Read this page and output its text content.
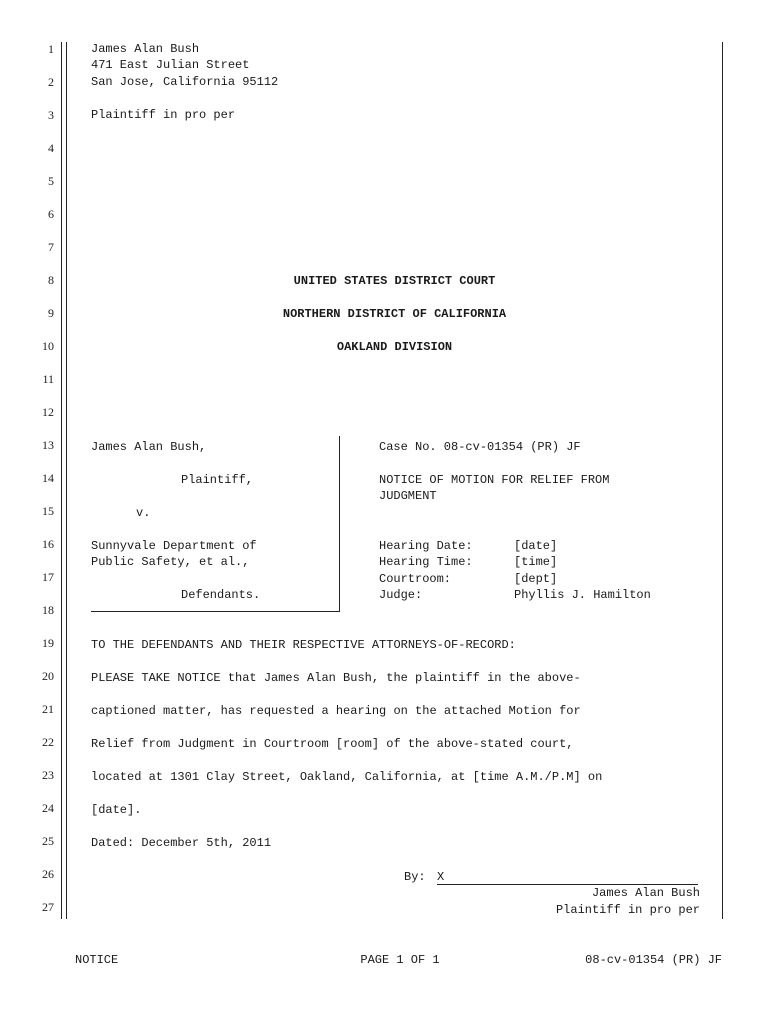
1
2
3
4
5
6
7
8
9
10
11
12
13
14
15
16
17
18
19
20
21
22
23
24
25
26
27
James Alan Bush
471 East Julian Street
San Jose, California 95112
Plaintiff in pro per
UNITED STATES DISTRICT COURT
NORTHERN DISTRICT OF CALIFORNIA
OAKLAND DIVISION
James Alan Bush,
Plaintiff,
v.
Sunnyvale Department of
Public Safety, et al.,
Defendants.
Case No. 08-cv-01354 (PR) JF
NOTICE OF MOTION FOR RELIEF FROM
JUDGMENT
Hearing Date:	[date]
Hearing Time:	[time]
Courtroom:	[dept]
Judge:	Phyllis J. Hamilton
TO THE DEFENDANTS AND THEIR RESPECTIVE ATTORNEYS-OF-RECORD:
PLEASE TAKE NOTICE that James Alan Bush, the plaintiff in the above-
captioned matter, has requested a hearing on the attached Motion for
Relief from Judgment in Courtroom [room] of the above-stated court,
located at 1301 Clay Street, Oakland, California, at [time A.M./P.M] on
[date].
Dated: December 5th, 2011
By: X
James Alan Bush
Plaintiff in pro per
NOTICE	PAGE 1 OF 1	08-cv-01354 (PR) JF
